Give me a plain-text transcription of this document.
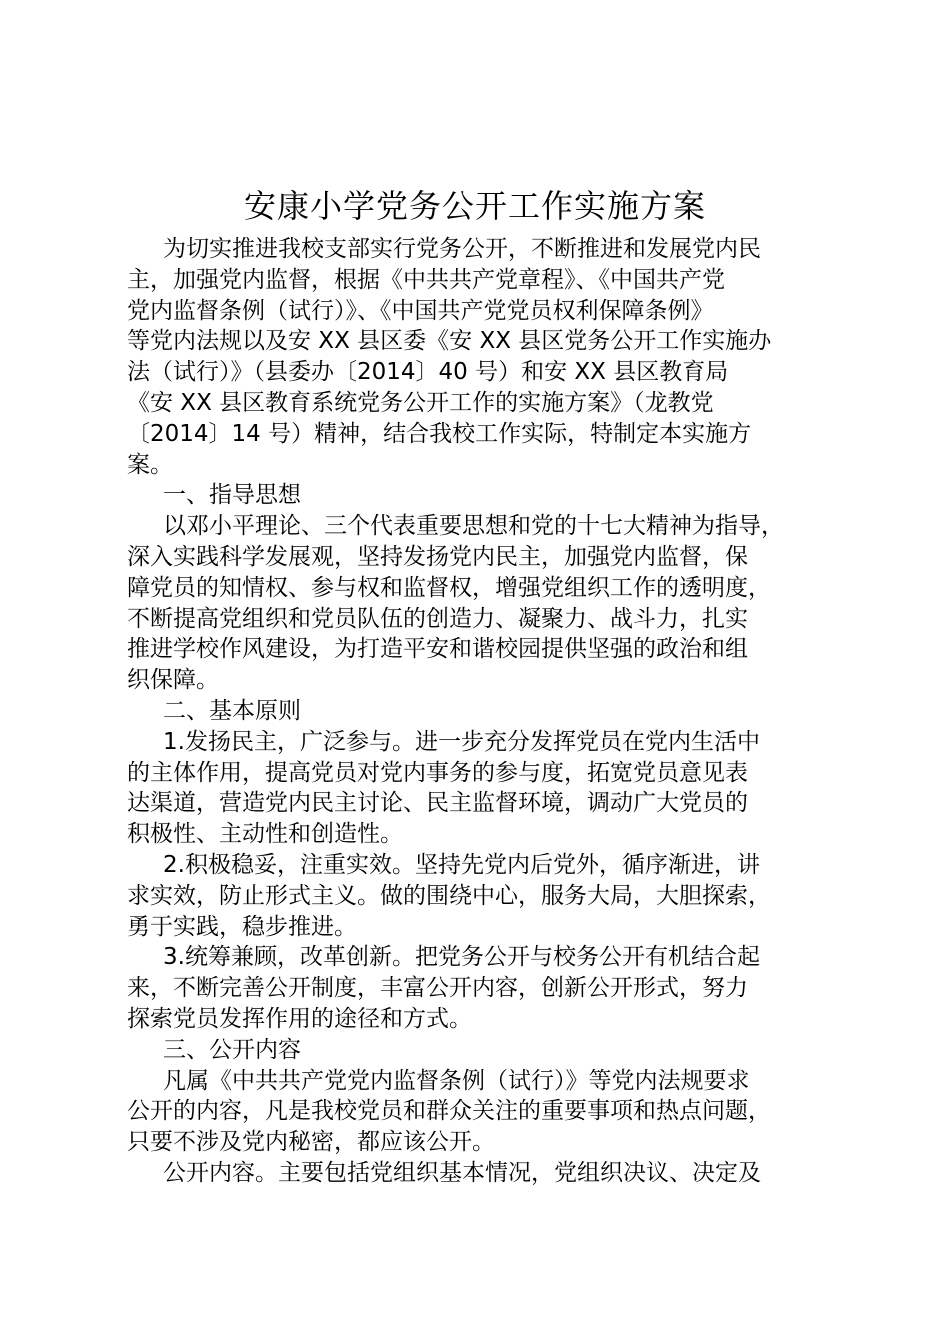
安康小学党务公开工作实施方案
为切实推进我校支部实行党务公开，不断推进和发展党内民
主，加强党内监督，根据《中共共产党章程》、《中国共产党
党内监督条例（试行）》、《中国共产党党员权利保障条例》
等党内法规以及安 XX 县区委《安 XX 县区党务公开工作实施办
法（试行）》（县委办〔2014〕40 号）和安 XX 县区教育局
《安 XX 县区教育系统党务公开工作的实施方案》（龙教党
〔2014〕14 号）精神，结合我校工作实际，特制定本实施方
案。
一、指导思想
以邓小平理论、三个代表重要思想和党的十七大精神为指导，
深入实践科学发展观，坚持发扬党内民主，加强党内监督，保
障党员的知情权、参与权和监督权，增强党组织工作的透明度，
不断提高党组织和党员队伍的创造力、凝聚力、战斗力，扎实
推进学校作风建设，为打造平安和谐校园提供坚强的政治和组
织保障。
二、基本原则
1.发扬民主，广泛参与。进一步充分发挥党员在党内生活中
的主体作用，提高党员对党内事务的参与度，拓宽党员意见表
达渠道，营造党内民主讨论、民主监督环境，调动广大党员的
积极性、主动性和创造性。
2.积极稳妥，注重实效。坚持先党内后党外，循序渐进，讲
求实效，防止形式主义。做的围绕中心，服务大局，大胆探索，
勇于实践，稳步推进。
3.统筹兼顾，改革创新。把党务公开与校务公开有机结合起
来，不断完善公开制度，丰富公开内容，创新公开形式，努力
探索党员发挥作用的途径和方式。
三、公开内容
凡属《中共共产党党内监督条例（试行）》等党内法规要求
公开的内容，凡是我校党员和群众关注的重要事项和热点问题，
只要不涉及党内秘密，都应该公开。
公开内容。主要包括党组织基本情况，党组织决议、决定及
